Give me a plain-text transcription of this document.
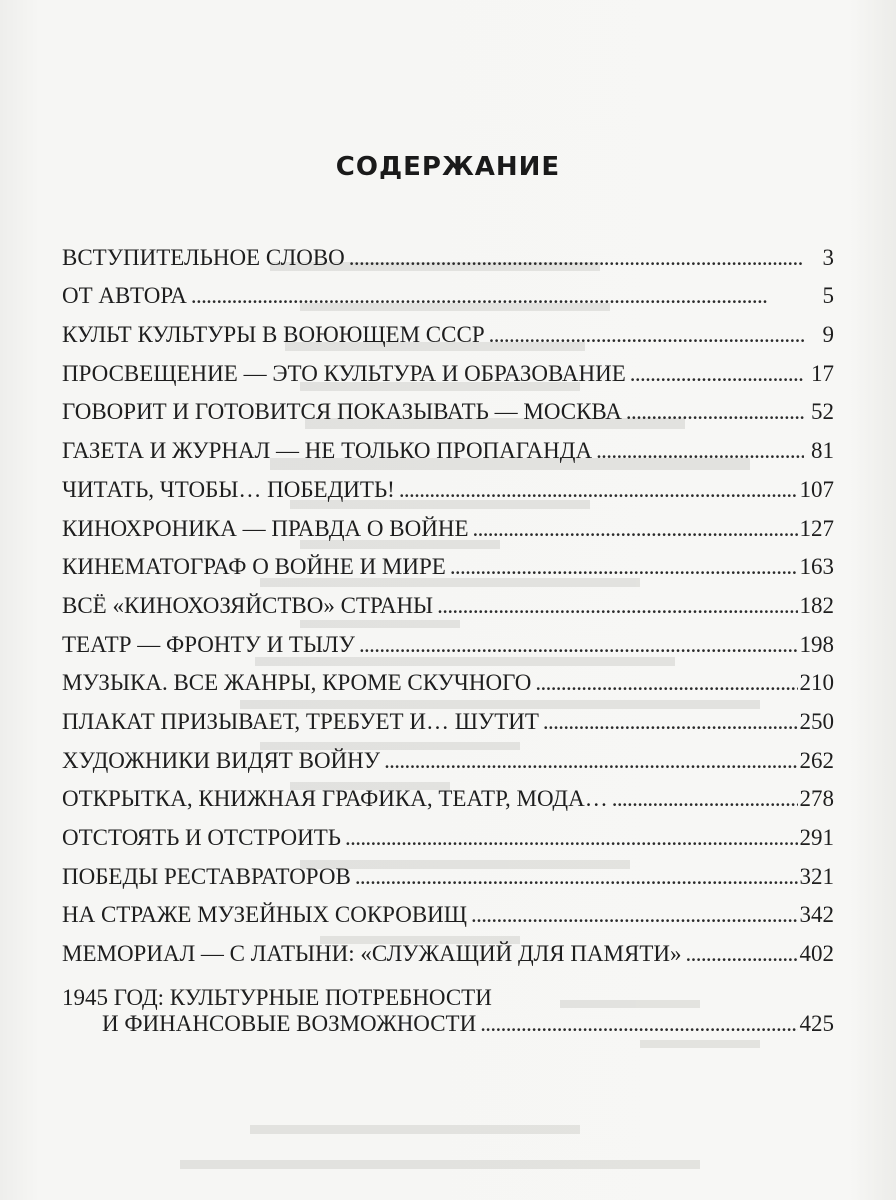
СОДЕРЖАНИЕ
ВСТУПИТЕЛЬНОЕ СЛОВО . . .	3
ОТ АВТОРА . . .	5
КУЛЬТ КУЛЬТУРЫ В ВОЮЮЩЕМ СССР . . .	9
ПРОСВЕЩЕНИЕ — ЭТО КУЛЬТУРА И ОБРАЗОВАНИЕ . . .	17
ГОВОРИТ И ГОТОВИТСЯ ПОКАЗЫВАТЬ — МОСКВА . . .	52
ГАЗЕТА И ЖУРНАЛ — НЕ ТОЛЬКО ПРОПАГАНДА . . .	81
ЧИТАТЬ, ЧТОБЫ… ПОБЕДИТЬ! . . .	107
КИНОХРОНИКА — ПРАВДА О ВОЙНЕ . . .	127
КИНЕМАТОГРАФ О ВОЙНЕ И МИРЕ . . .	163
ВСЁ «КИНОХОЗЯЙСТВО» СТРАНЫ . . .	182
ТЕАТР — ФРОНТУ И ТЫЛУ . . .	198
МУЗЫКА. ВСЕ ЖАНРЫ, КРОМЕ СКУЧНОГО . . .	210
ПЛАКАТ ПРИЗЫВАЕТ, ТРЕБУЕТ И… ШУТИТ . . .	250
ХУДОЖНИКИ ВИДЯТ ВОЙНУ . . .	262
ОТКРЫТКА, КНИЖНАЯ ГРАФИКА, ТЕАТР, МОДА… . . .	278
ОТСТОЯТЬ И ОТСТРОИТЬ . . .	291
ПОБЕДЫ РЕСТАВРАТОРОВ . . .	321
НА СТРАЖЕ МУЗЕЙНЫХ СОКРОВИЩ . . .	342
МЕМОРИАЛ — С ЛАТЫНИ: «СЛУЖАЩИЙ ДЛЯ ПАМЯТИ» . . .	402
1945 ГОД: КУЛЬТУРНЫЕ ПОТРЕБНОСТИ
И ФИНАНСОВЫЕ ВОЗМОЖНОСТИ . . .	425
